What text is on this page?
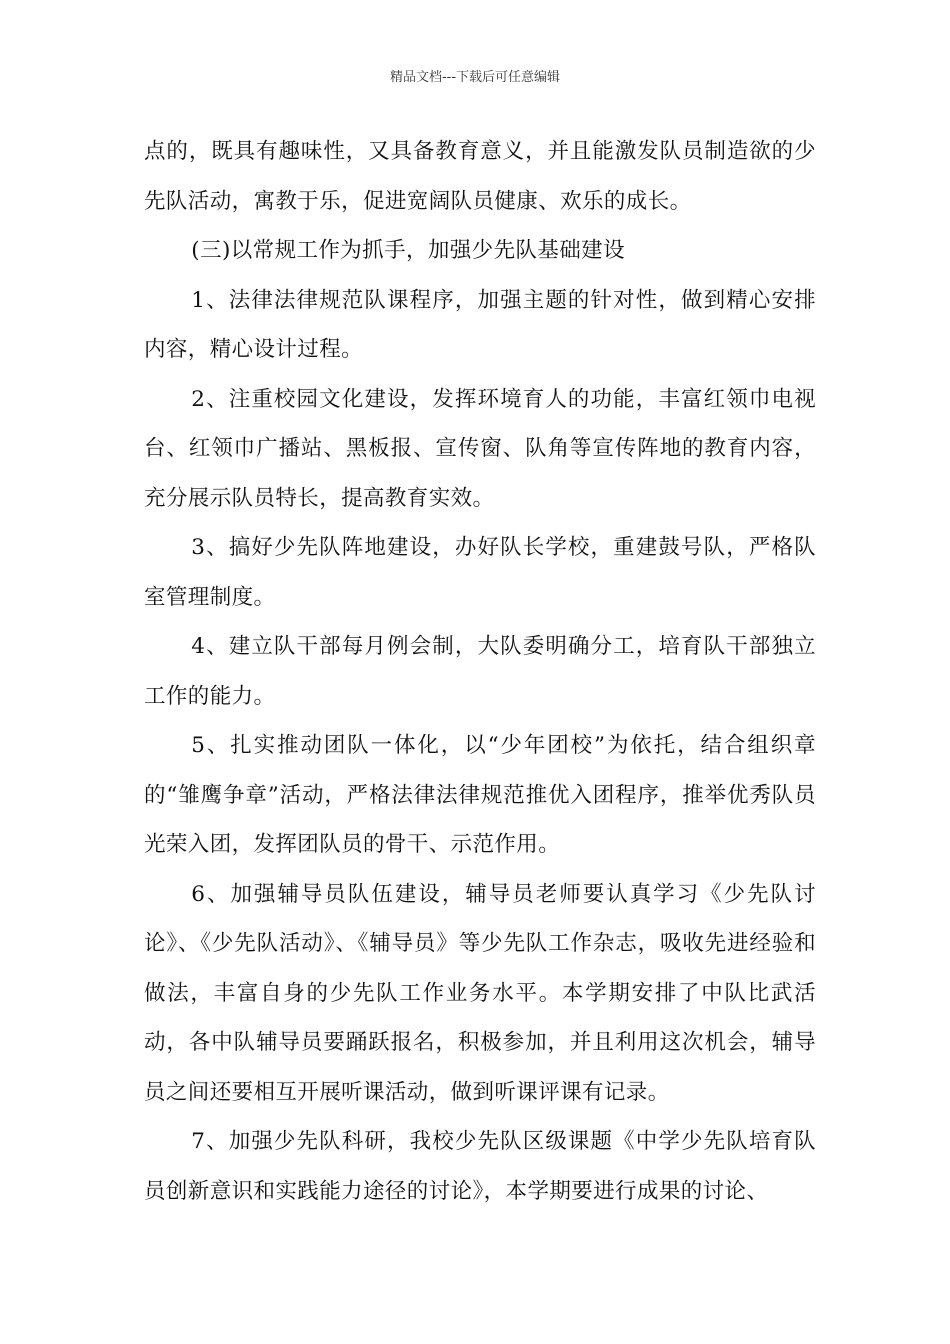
精品文档---下载后可任意编辑

点的，既具有趣味性，又具备教育意义，并且能激发队员制造欲的少先队活动，寓教于乐，促进宽阔队员健康、欢乐的成长。

(三)以常规工作为抓手，加强少先队基础建设

1、法律法律规范队课程序，加强主题的针对性，做到精心安排内容，精心设计过程。

2、注重校园文化建设，发挥环境育人的功能，丰富红领巾电视台、红领巾广播站、黑板报、宣传窗、队角等宣传阵地的教育内容，充分展示队员特长，提高教育实效。

3、搞好少先队阵地建设，办好队长学校，重建鼓号队，严格队室管理制度。

4、建立队干部每月例会制，大队委明确分工，培育队干部独立工作的能力。

5、扎实推动团队一体化，以“少年团校”为依托，结合组织章的“雏鹰争章”活动，严格法律法律规范推优入团程序，推举优秀队员光荣入团，发挥团队员的骨干、示范作用。

6、加强辅导员队伍建设，辅导员老师要认真学习《少先队讨论》、《少先队活动》、《辅导员》等少先队工作杂志，吸收先进经验和做法，丰富自身的少先队工作业务水平。本学期安排了中队比武活动，各中队辅导员要踊跃报名，积极参加，并且利用这次机会，辅导员之间还要相互开展听课活动，做到听课评课有记录。

7、加强少先队科研，我校少先队区级课题《中学少先队培育队员创新意识和实践能力途径的讨论》，本学期要进行成果的讨论、
